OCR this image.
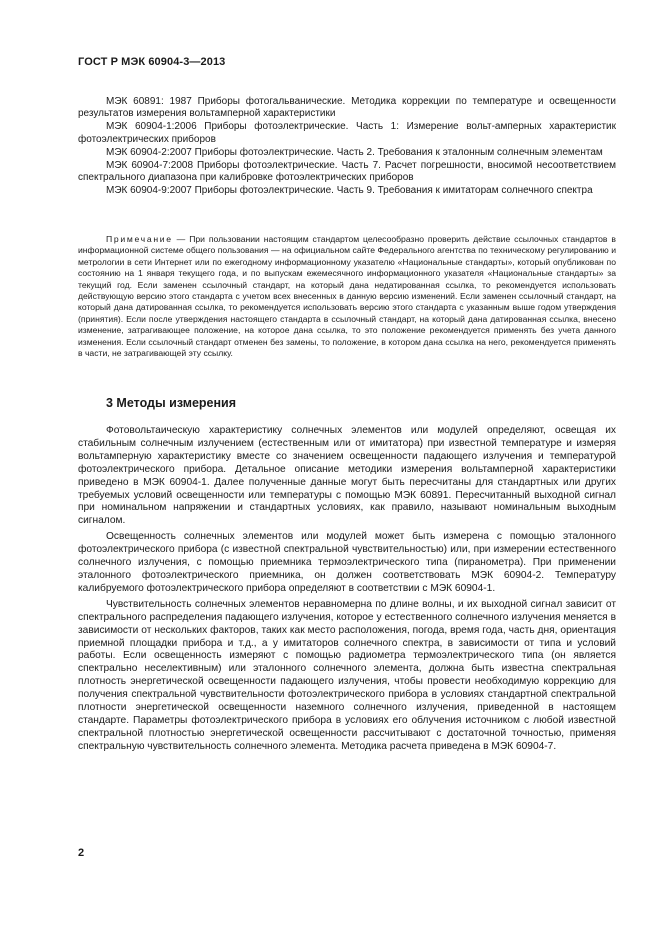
ГОСТ Р МЭК 60904-3—2013

МЭК 60891: 1987 Приборы фотогальванические. Методика коррекции по температуре и освещенности результатов измерения вольтамперной характеристики

МЭК 60904-1:2006 Приборы фотоэлектрические. Часть 1: Измерение вольт-амперных характеристик фотоэлектрических приборов

МЭК 60904-2:2007 Приборы фотоэлектрические. Часть 2. Требования к эталонным солнечным элементам

МЭК 60904-7:2008 Приборы фотоэлектрические. Часть 7. Расчет погрешности, вносимой несоответствием спектрального диапазона при калибровке фотоэлектрических приборов

МЭК 60904-9:2007 Приборы фотоэлектрические. Часть 9. Требования к имитаторам солнечного спектра

Примечание — При пользовании настоящим стандартом целесообразно проверить действие ссылочных стандартов в информационной системе общего пользования — на официальном сайте Федерального агентства по техническому регулированию и метрологии в сети Интернет или по ежегодному информационному указателю «Национальные стандарты», который опубликован по состоянию на 1 января текущего года, и по выпускам ежемесячного информационного указателя «Национальные стандарты» за текущий год. Если заменен ссылочный стандарт, на который дана недатированная ссылка, то рекомендуется использовать действующую версию этого стандарта с учетом всех внесенных в данную версию изменений. Если заменен ссылочный стандарт, на который дана датированная ссылка, то рекомендуется использовать версию этого стандарта с указанным выше годом утверждения (принятия). Если после утверждения настоящего стандарта в ссылочный стандарт, на который дана датированная ссылка, внесено изменение, затрагивающее положение, на которое дана ссылка, то это положение рекомендуется применять без учета данного изменения. Если ссылочный стандарт отменен без замены, то положение, в котором дана ссылка на него, рекомендуется применять в части, не затрагивающей эту ссылку.
3 Методы измерения

Фотовольтаическую характеристику солнечных элементов или модулей определяют, освещая их стабильным солнечным излучением (естественным или от имитатора) при известной температуре и измеряя вольтамперную характеристику вместе со значением освещенности падающего излучения и температурой фотоэлектрического прибора. Детальное описание методики измерения вольтамперной характеристики приведено в МЭК 60904-1. Далее полученные данные могут быть пересчитаны для стандартных или других требуемых условий освещенности или температуры с помощью МЭК 60891. Пересчитанный выходной сигнал при номинальном напряжении и стандартных условиях, как правило, называют номинальным выходным сигналом.

Освещенность солнечных элементов или модулей может быть измерена с помощью эталонного фотоэлектрического прибора (с известной спектральной чувствительностью) или, при измерении естественного солнечного излучения, с помощью приемника термоэлектрического типа (пиранометра). При применении эталонного фотоэлектрического приемника, он должен соответствовать МЭК 60904-2. Температуру калибруемого фотоэлектрического прибора определяют в соответствии с МЭК 60904-1.

Чувствительность солнечных элементов неравномерна по длине волны, и их выходной сигнал зависит от спектрального распределения падающего излучения, которое у естественного солнечного излучения меняется в зависимости от нескольких факторов, таких как место расположения, погода, время года, часть дня, ориентация приемной площадки прибора и т.д., а у имитаторов солнечного спектра, в зависимости от типа и условий работы. Если освещенность измеряют с помощью радиометра термоэлектрического типа (он является спектрально неселективным) или эталонного солнечного элемента, должна быть известна спектральная плотность энергетической освещенности падающего излучения, чтобы провести необходимую коррекцию для получения спектральной чувствительности фотоэлектрического прибора в условиях стандартной спектральной плотности энергетической освещенности наземного солнечного излучения, приведенной в настоящем стандарте. Параметры фотоэлектрического прибора в условиях его облучения источником с любой известной спектральной плотностью энергетической освещенности рассчитывают с достаточной точностью, применяя спектральную чувствительность солнечного элемента. Методика расчета приведена в МЭК 60904-7.

2
